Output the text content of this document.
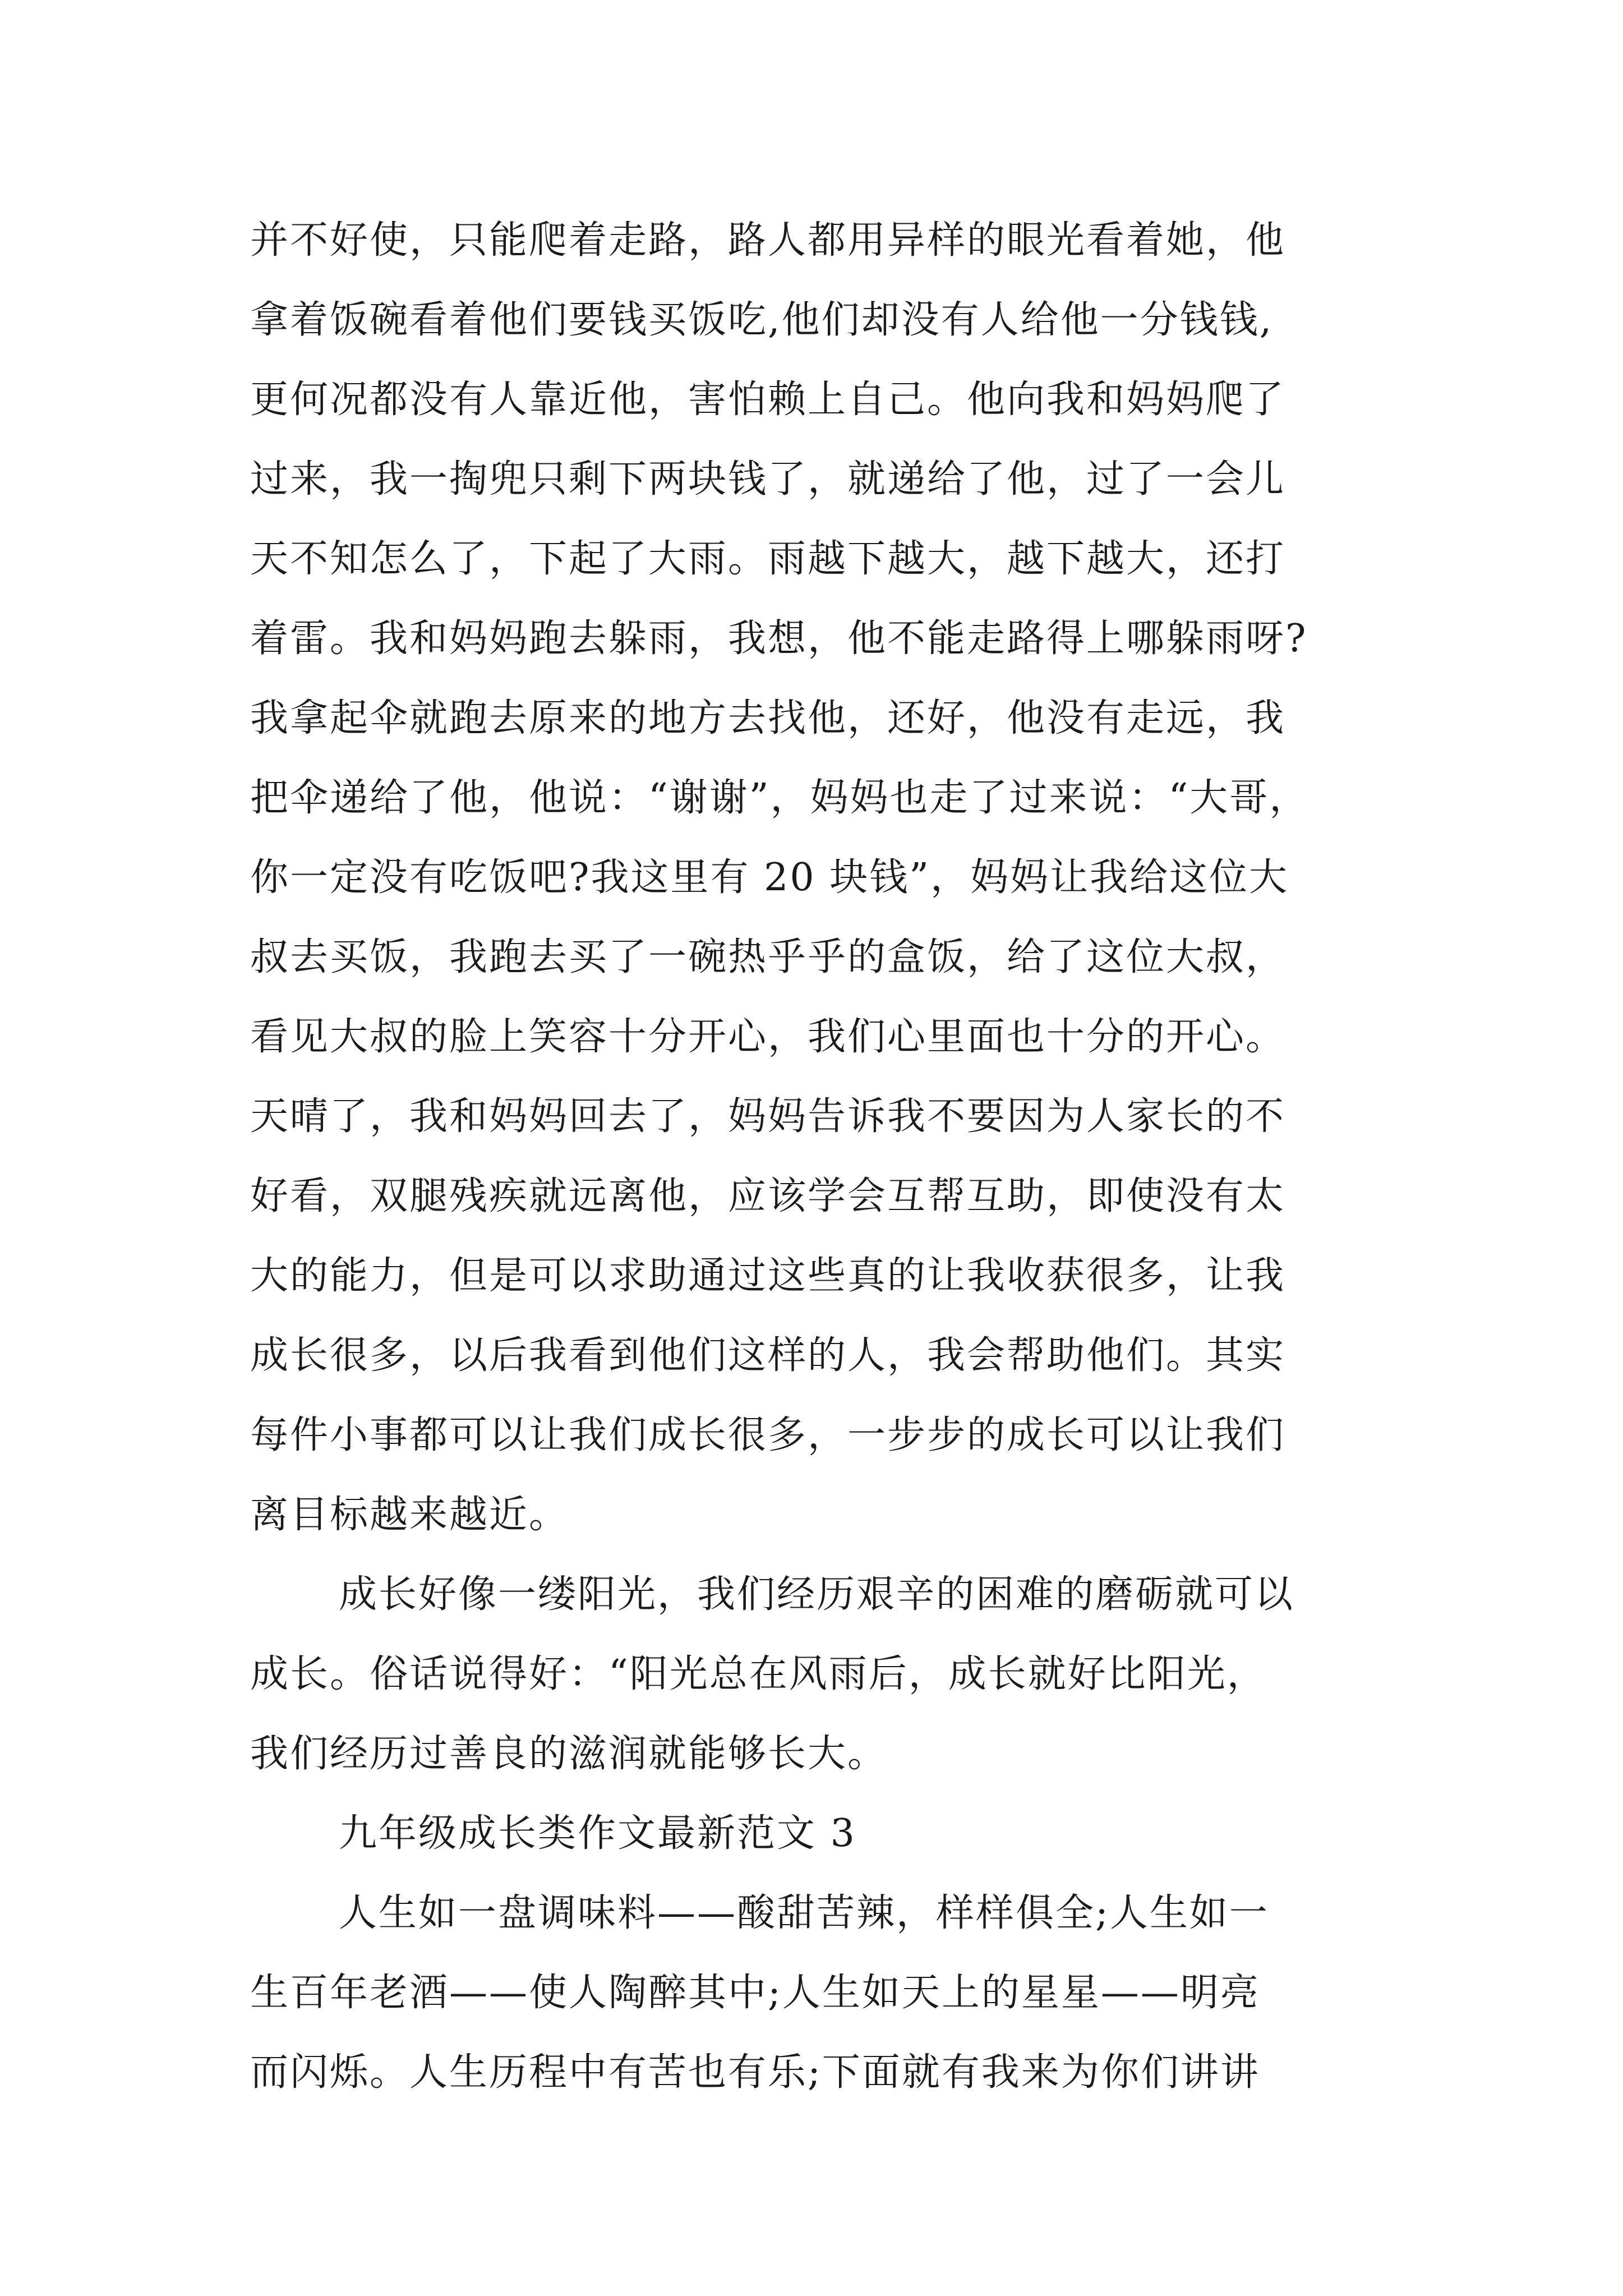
并不好使，只能爬着走路，路人都用异样的眼光看着她，他
拿着饭碗看着他们要钱买饭吃,他们却没有人给他一分钱钱,
更何况都没有人靠近他，害怕赖上自己。他向我和妈妈爬了
过来，我一掏兜只剩下两块钱了，就递给了他，过了一会儿
天不知怎么了，下起了大雨。雨越下越大，越下越大，还打
着雷。我和妈妈跑去躲雨，我想，他不能走路得上哪躲雨呀?
我拿起伞就跑去原来的地方去找他，还好，他没有走远，我
把伞递给了他，他说：“谢谢”，妈妈也走了过来说：“大哥，
你一定没有吃饭吧?我这里有 20 块钱”，妈妈让我给这位大
叔去买饭，我跑去买了一碗热乎乎的盒饭，给了这位大叔，
看见大叔的脸上笑容十分开心，我们心里面也十分的开心。
天晴了，我和妈妈回去了，妈妈告诉我不要因为人家长的不
好看，双腿残疾就远离他，应该学会互帮互助，即使没有太
大的能力，但是可以求助通过这些真的让我收获很多，让我
成长很多，以后我看到他们这样的人，我会帮助他们。其实
每件小事都可以让我们成长很多，一步步的成长可以让我们
离目标越来越近。
成长好像一缕阳光，我们经历艰辛的困难的磨砺就可以
成长。俗话说得好：“阳光总在风雨后，成长就好比阳光，
我们经历过善良的滋润就能够长大。
九年级成长类作文最新范文 3
人生如一盘调味料——酸甜苦辣，样样俱全;人生如一
生百年老酒——使人陶醉其中;人生如天上的星星——明亮
而闪烁。人生历程中有苦也有乐;下面就有我来为你们讲讲
